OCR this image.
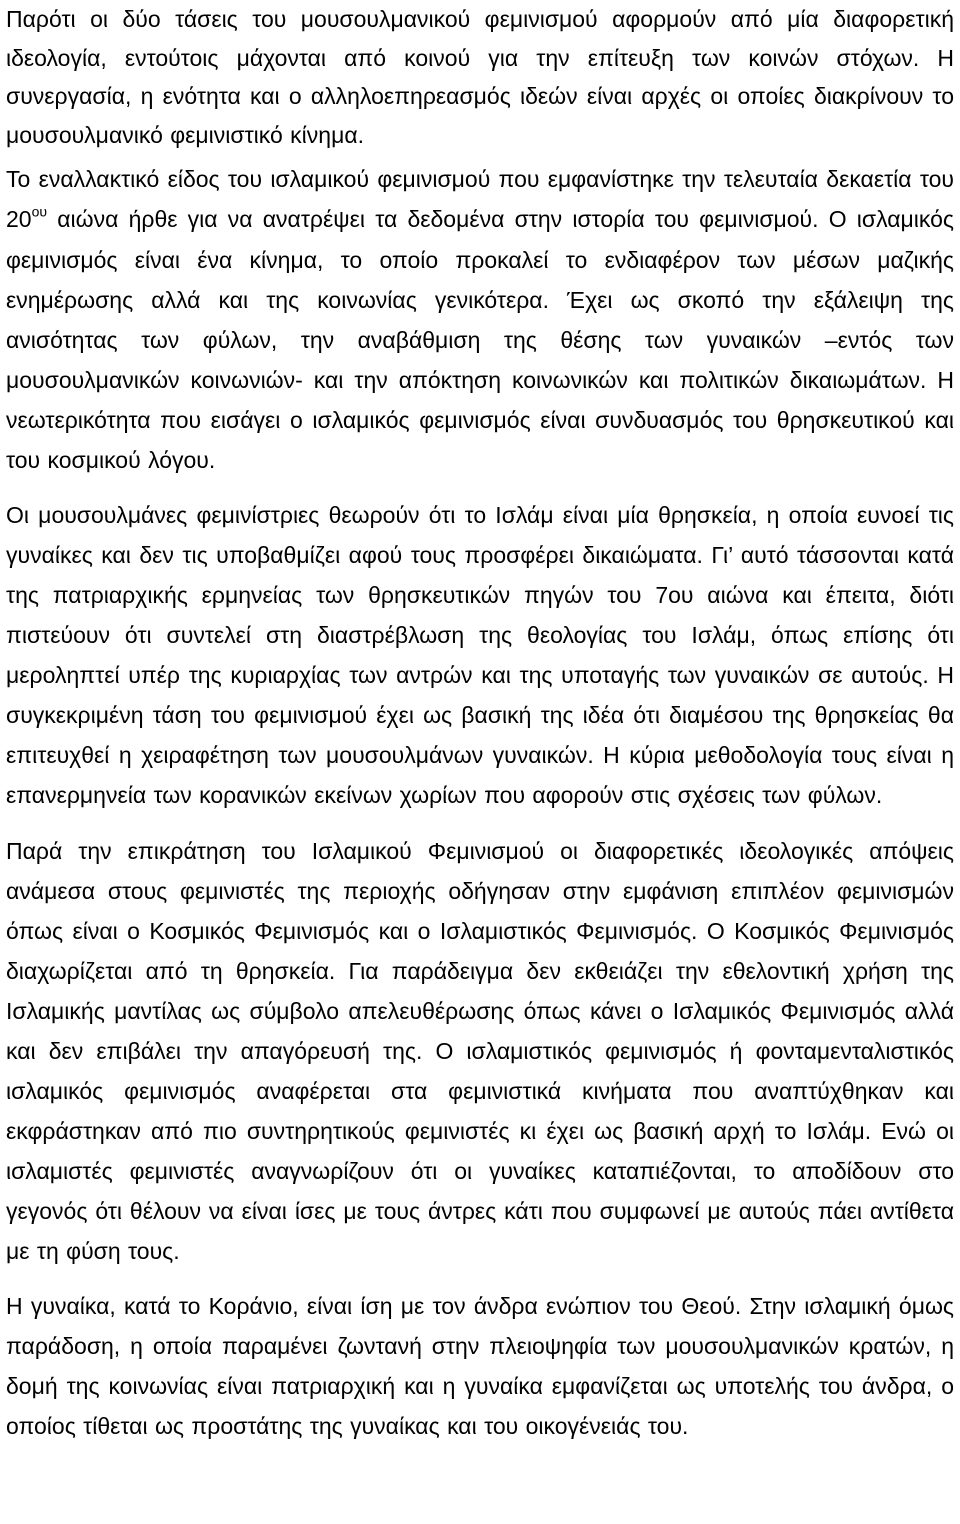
Παρότι οι δύο τάσεις του μουσουλμανικού φεμινισμού αφορμούν από μία διαφορετική ιδεολογία, εντούτοις μάχονται από κοινού για την επίτευξη των κοινών στόχων. Η συνεργασία, η ενότητα και ο αλληλοεπηρεασμός ιδεών είναι αρχές οι οποίες διακρίνουν το μουσουλμανικό φεμινιστικό κίνημα.

Το εναλλακτικό είδος του ισλαμικού φεμινισμού που εμφανίστηκε την τελευταία δεκαετία του $20^{o\upsilon}$ αιώνα ήρθε για να ανατρέψει τα δεδομένα στην ιστορία του φεμινισμού. Ο ισλαμικός φεμινισμός είναι ένα κίνημα, το οποίο προκαλεί το ενδιαφέρον των μέσων μαζικής ενημέρωσης αλλά και της κοινωνίας γενικότερα. Έχει ως σκοπό την εξάλειψη της ανισότητας των φύλων, την αναβάθμιση της θέσης των γυναικών –εντός των μουσουλμανικών κοινωνιών- και την απόκτηση κοινωνικών και πολιτικών δικαιωμάτων. Η νεωτερικότητα που εισάγει ο ισλαμικός φεμινισμός είναι συνδυασμός του θρησκευτικού και του κοσμικού λόγου.

Οι μουσουλμάνες φεμινίστριες θεωρούν ότι το Ισλάμ είναι μία θρησκεία, η οποία ευνοεί τις γυναίκες και δεν τις υποβαθμίζει αφού τους προσφέρει δικαιώματα. Γι’ αυτό τάσσονται κατά της πατριαρχικής ερμηνείας των θρησκευτικών πηγών του 7ου αιώνα και έπειτα, διότι πιστεύουν ότι συντελεί στη διαστρέβλωση της θεολογίας του Ισλάμ, όπως επίσης ότι μεροληπτεί υπέρ της κυριαρχίας των αντρών και της υποταγής των γυναικών σε αυτούς. Η συγκεκριμένη τάση του φεμινισμού έχει ως βασική της ιδέα ότι διαμέσου της θρησκείας θα επιτευχθεί η χειραφέτηση των μουσουλμάνων γυναικών. Η κύρια μεθοδολογία τους είναι η επανερμηνεία των κορανικών εκείνων χωρίων που αφορούν στις σχέσεις των φύλων.

Παρά την επικράτηση του Ισλαμικού Φεμινισμού οι διαφορετικές ιδεολογικές απόψεις ανάμεσα στους φεμινιστές της περιοχής οδήγησαν στην εμφάνιση επιπλέον φεμινισμών όπως είναι ο Κοσμικός Φεμινισμός και ο Ισλαμιστικός Φεμινισμός. Ο Κοσμικός Φεμινισμός διαχωρίζεται από τη θρησκεία. Για παράδειγμα δεν εκθειάζει την εθελοντική χρήση της Ισλαμικής μαντίλας ως σύμβολο απελευθέρωσης όπως κάνει ο Ισλαμικός Φεμινισμός αλλά και δεν επιβάλει την απαγόρευσή της. Ο ισλαμιστικός φεμινισμός ή φονταμενταλιστικός ισλαμικός φεμινισμός αναφέρεται στα φεμινιστικά κινήματα που αναπτύχθηκαν και εκφράστηκαν από πιο συντηρητικούς φεμινιστές κι έχει ως βασική αρχή το Ισλάμ. Ενώ οι ισλαμιστές φεμινιστές αναγνωρίζουν ότι οι γυναίκες καταπιέζονται, το αποδίδουν στο γεγονός ότι θέλουν να είναι ίσες με τους άντρες κάτι που συμφωνεί με αυτούς πάει αντίθετα με τη φύση τους.

Η γυναίκα, κατά το Κοράνιο, είναι ίση με τον άνδρα ενώπιον του Θεού. Στην ισλαμική όμως παράδοση, η οποία παραμένει ζωντανή στην πλειοψηφία των μουσουλμανικών κρατών, η δομή της κοινωνίας είναι πατριαρχική και η γυναίκα εμφανίζεται ως υποτελής του άνδρα, ο οποίος τίθεται ως προστάτης της γυναίκας και του οικογένειάς του.
